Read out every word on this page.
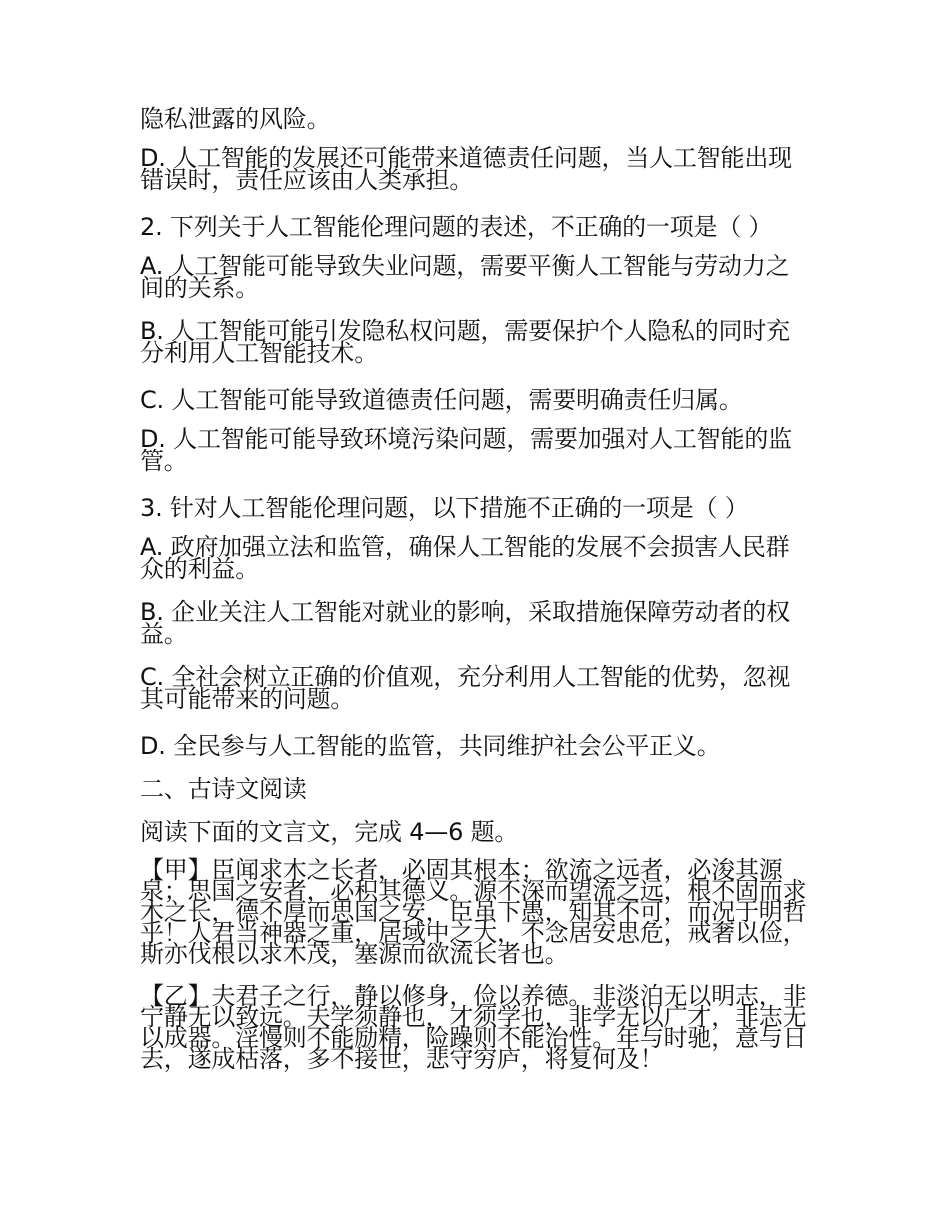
隐私泄露的风险。

D. 人工智能的发展还可能带来道德责任问题，当人工智能出现错误时，责任应该由人类承担。

2. 下列关于人工智能伦理问题的表述，不正确的一项是（ ）

A. 人工智能可能导致失业问题，需要平衡人工智能与劳动力之间的关系。

B. 人工智能可能引发隐私权问题，需要保护个人隐私的同时充分利用人工智能技术。

C. 人工智能可能导致道德责任问题，需要明确责任归属。

D. 人工智能可能导致环境污染问题，需要加强对人工智能的监管。

3. 针对人工智能伦理问题，以下措施不正确的一项是（ ）

A. 政府加强立法和监管，确保人工智能的发展不会损害人民群众的利益。

B. 企业关注人工智能对就业的影响，采取措施保障劳动者的权益。

C. 全社会树立正确的价值观，充分利用人工智能的优势，忽视其可能带来的问题。

D. 全民参与人工智能的监管，共同维护社会公平正义。

二、古诗文阅读

阅读下面的文言文，完成 4—6 题。

【甲】臣闻求木之长者，必固其根本；欲流之远者，必浚其源泉；思国之安者，必积其德义。源不深而望流之远，根不固而求木之长，德不厚而思国之安，臣虽下愚，知其不可，而况于明哲乎！人君当神器之重，居域中之大，不念居安思危，戒奢以俭，斯亦伐根以求木茂，塞源而欲流长者也。

【乙】夫君子之行，静以修身，俭以养德。非淡泊无以明志，非宁静无以致远。夫学须静也，才须学也，非学无以广才，非志无以成器。淫慢则不能励精，险躁则不能治性。年与时驰，意与日去，遂成枯落，多不接世，悲守穷庐，将复何及！
